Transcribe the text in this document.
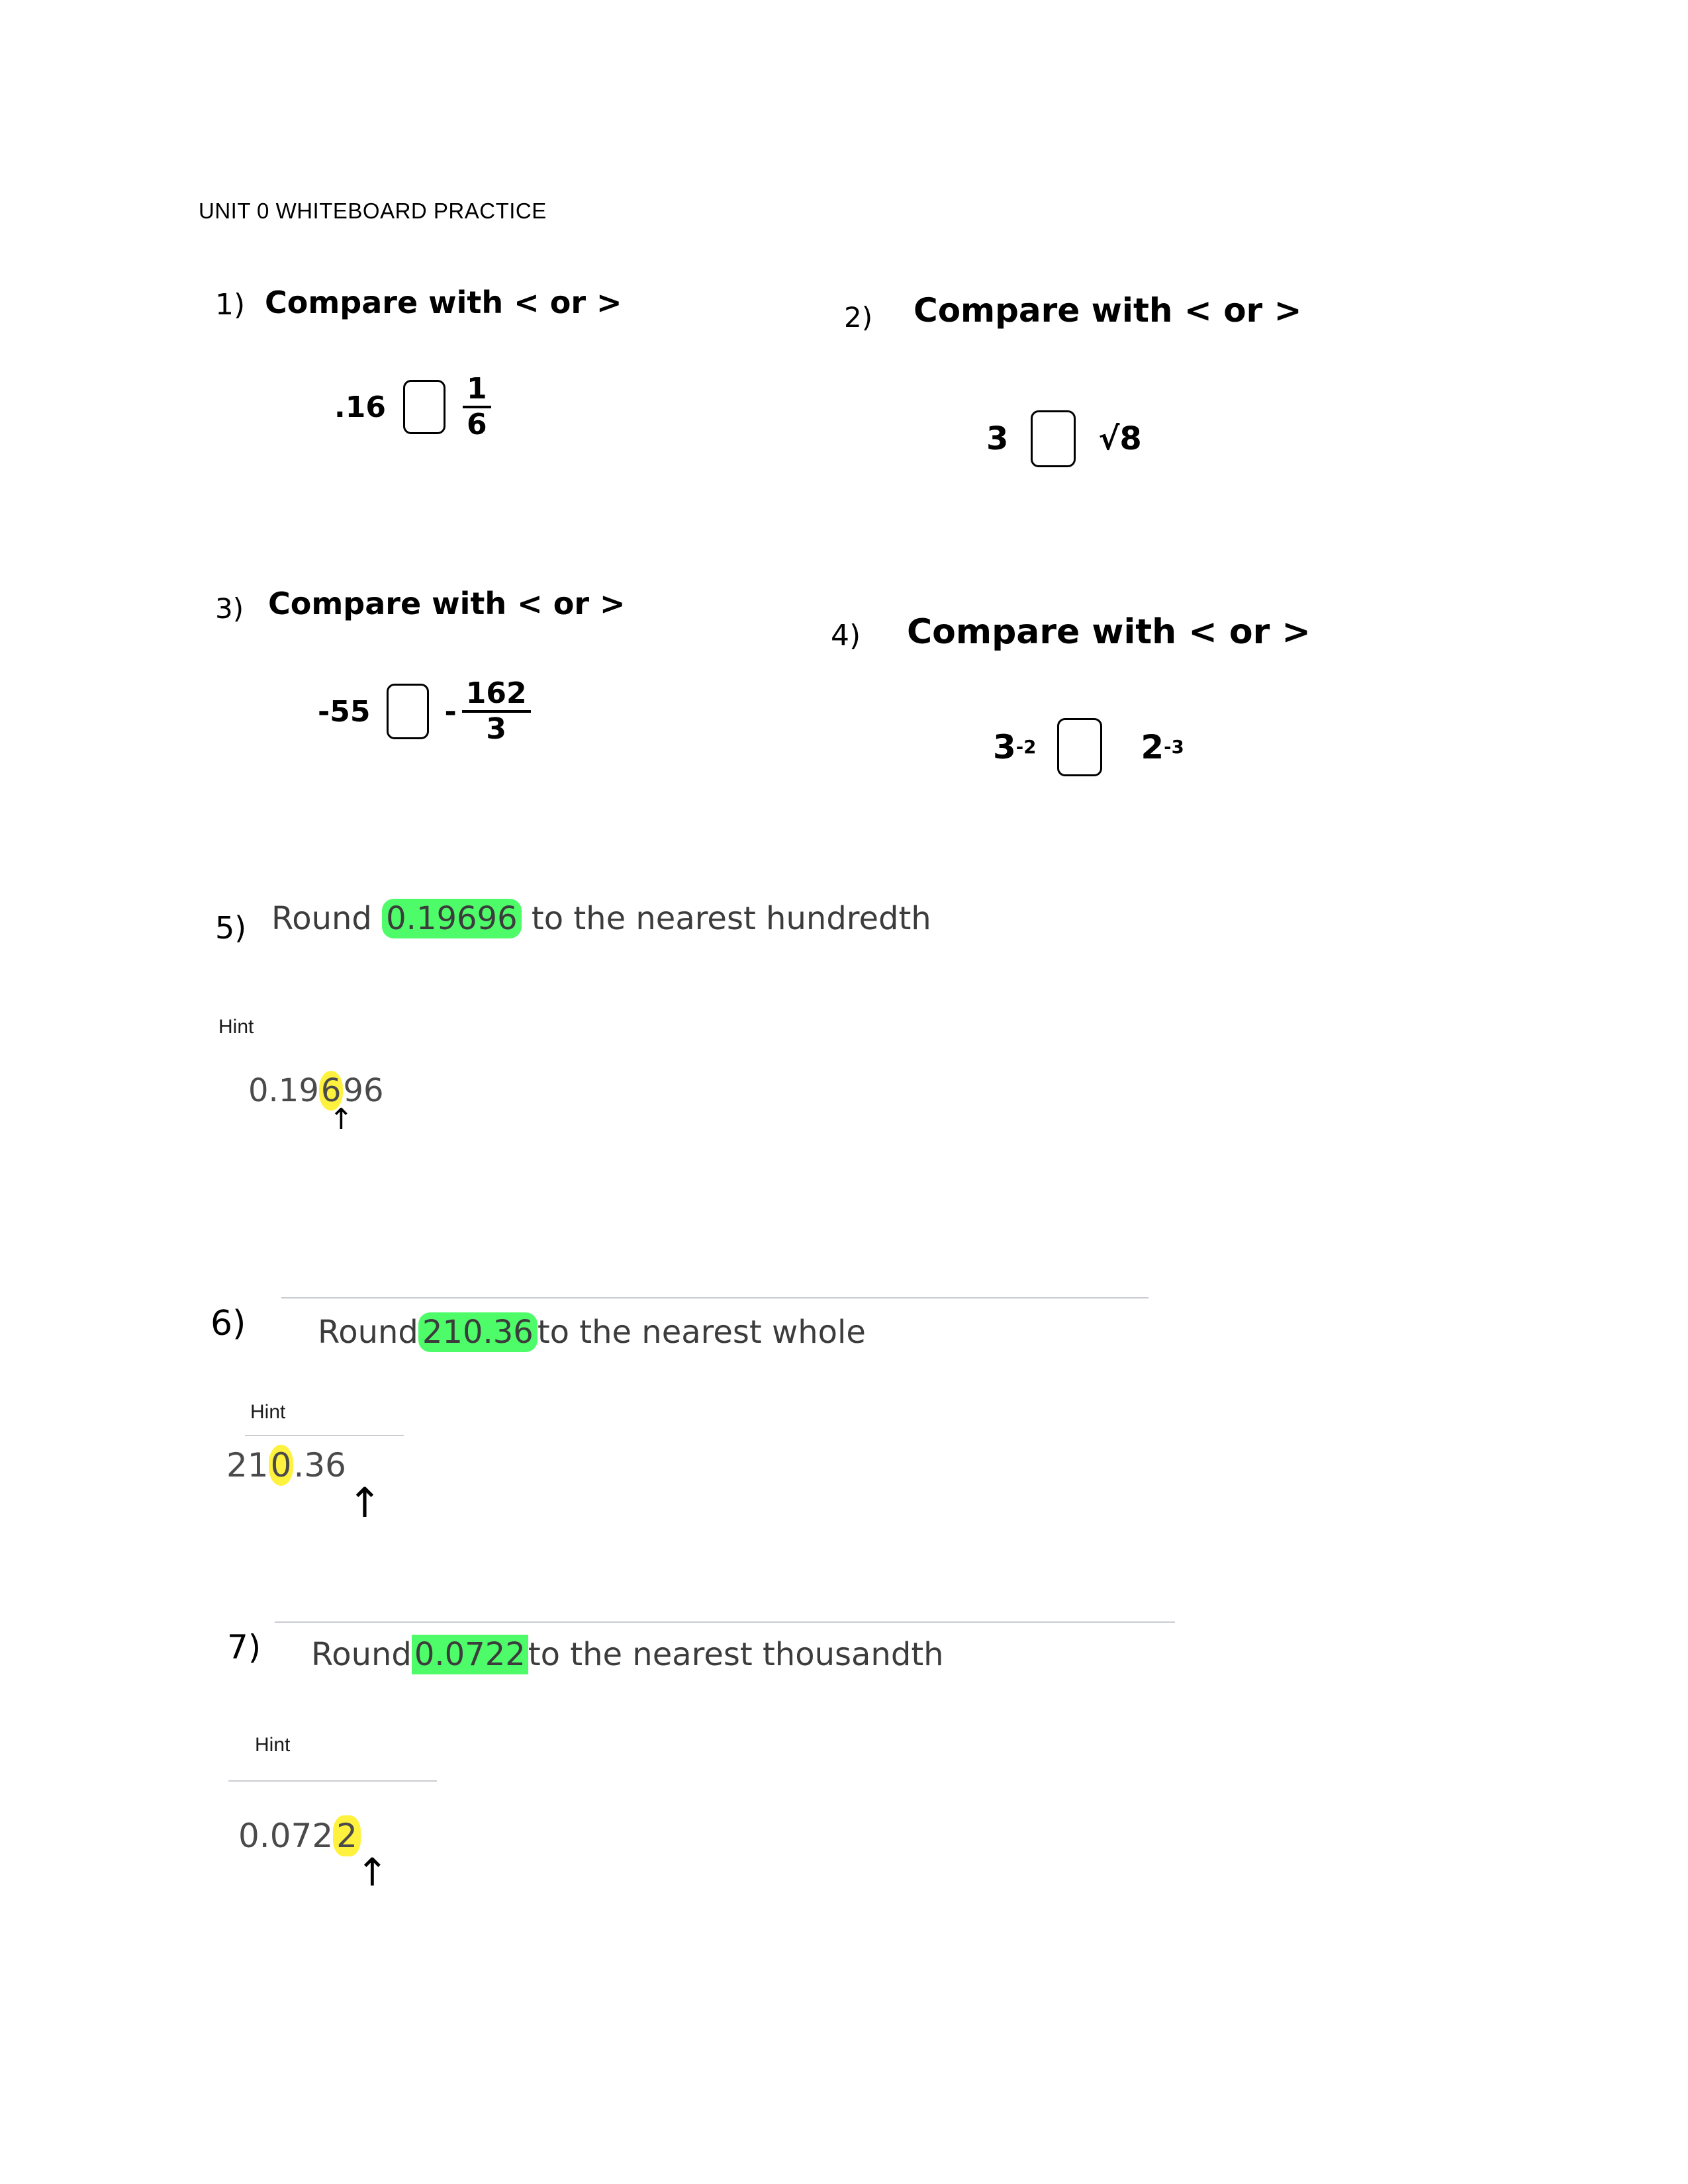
UNIT 0 WHITEBOARD PRACTICE
1) Compare with < or >
.16	$\frac{1}{6}$
2) Compare with < or >
3	√8
3) Compare with < or >
-55	- $\frac{162}{3}$
4) Compare with < or >
3 -2	2 -3
5) Round 0.19696 to the nearest hundredth
Hint
0.19696
↑
6) Round 210.36 to the nearest whole
Hint
210.36
↑
7) Round0.0722to the nearest thousandth
Hint
0.072 2
↑
